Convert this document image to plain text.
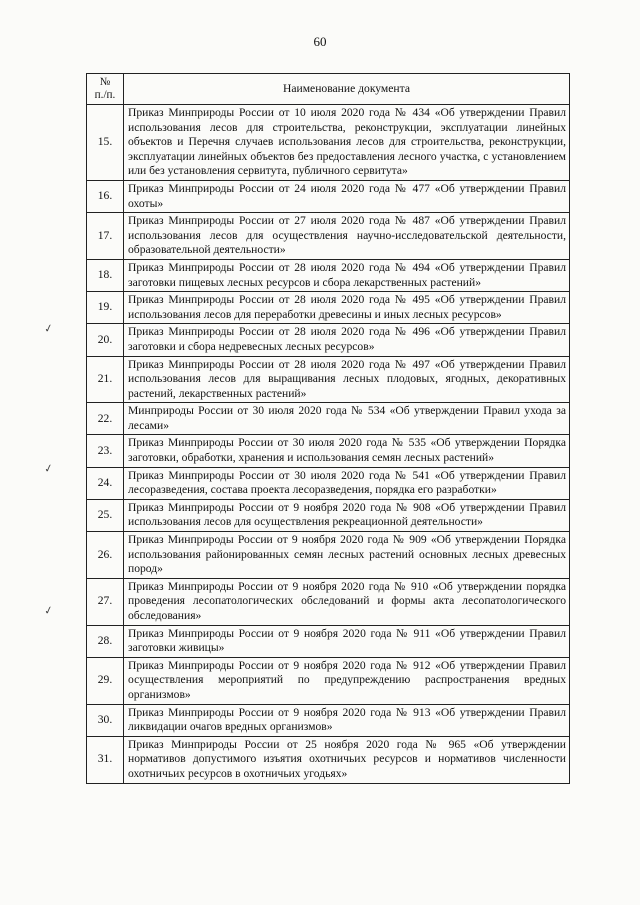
60
✓
✓
✓
№
п./п.	Наименование документа
15.	Приказ Минприроды России от 10 июля 2020 года № 434 «Об утверждении Правил использования лесов для строительства, реконструкции, эксплуатации линейных объектов и Перечня случаев использования лесов для строительства, реконструкции, эксплуатации линейных объектов без предоставления лесного участка, с установлением или без установления сервитута, публичного сервитута»
16.	Приказ Минприроды России от 24 июля 2020 года № 477 «Об утверждении Правил охоты»
17.	Приказ Минприроды России от 27 июля 2020 года № 487 «Об утверждении Правил использования лесов для осуществления научно-исследовательской деятельности, образовательной деятельности»
18.	Приказ Минприроды России от 28 июля 2020 года № 494 «Об утверждении Правил заготовки пищевых лесных ресурсов и сбора лекарственных растений»
19.	Приказ Минприроды России от 28 июля 2020 года № 495 «Об утверждении Правил использования лесов для переработки древесины и иных лесных ресурсов»
20.	Приказ Минприроды России от 28 июля 2020 года № 496 «Об утверждении Правил заготовки и сбора недревесных лесных ресурсов»
21.	Приказ Минприроды России от 28 июля 2020 года № 497 «Об утверждении Правил использования лесов для выращивания лесных плодовых, ягодных, декоративных растений, лекарственных растений»
22.	Минприроды России от 30 июля 2020 года № 534 «Об утверждении Правил ухода за лесами»
23.	Приказ Минприроды России от 30 июля 2020 года № 535 «Об утверждении Порядка заготовки, обработки, хранения и использования семян лесных растений»
24.	Приказ Минприроды России от 30 июля 2020 года № 541 «Об утверждении Правил лесоразведения, состава проекта лесоразведения, порядка его разработки»
25.	Приказ Минприроды России от 9 ноября 2020 года № 908 «Об утверждении Правил использования лесов для осуществления рекреационной деятельности»
26.	Приказ Минприроды России от 9 ноября 2020 года № 909 «Об утверждении Порядка использования районированных семян лесных растений основных лесных древесных пород»
27.	Приказ Минприроды России от 9 ноября 2020 года № 910 «Об утверждении порядка проведения лесопатологических обследований и формы акта лесопатологического обследования»
28.	Приказ Минприроды России от 9 ноября 2020 года № 911 «Об утверждении Правил заготовки живицы»
29.	Приказ Минприроды России от 9 ноября 2020 года № 912 «Об утверждении Правил осуществления мероприятий по предупреждению распространения вредных организмов»
30.	Приказ Минприроды России от 9 ноября 2020 года № 913 «Об утверждении Правил ликвидации очагов вредных организмов»
31.	Приказ Минприроды России от 25 ноября 2020 года № 965 «Об утверждении нормативов допустимого изъятия охотничьих ресурсов и нормативов численности охотничьих ресурсов в охотничьих угодьях»
